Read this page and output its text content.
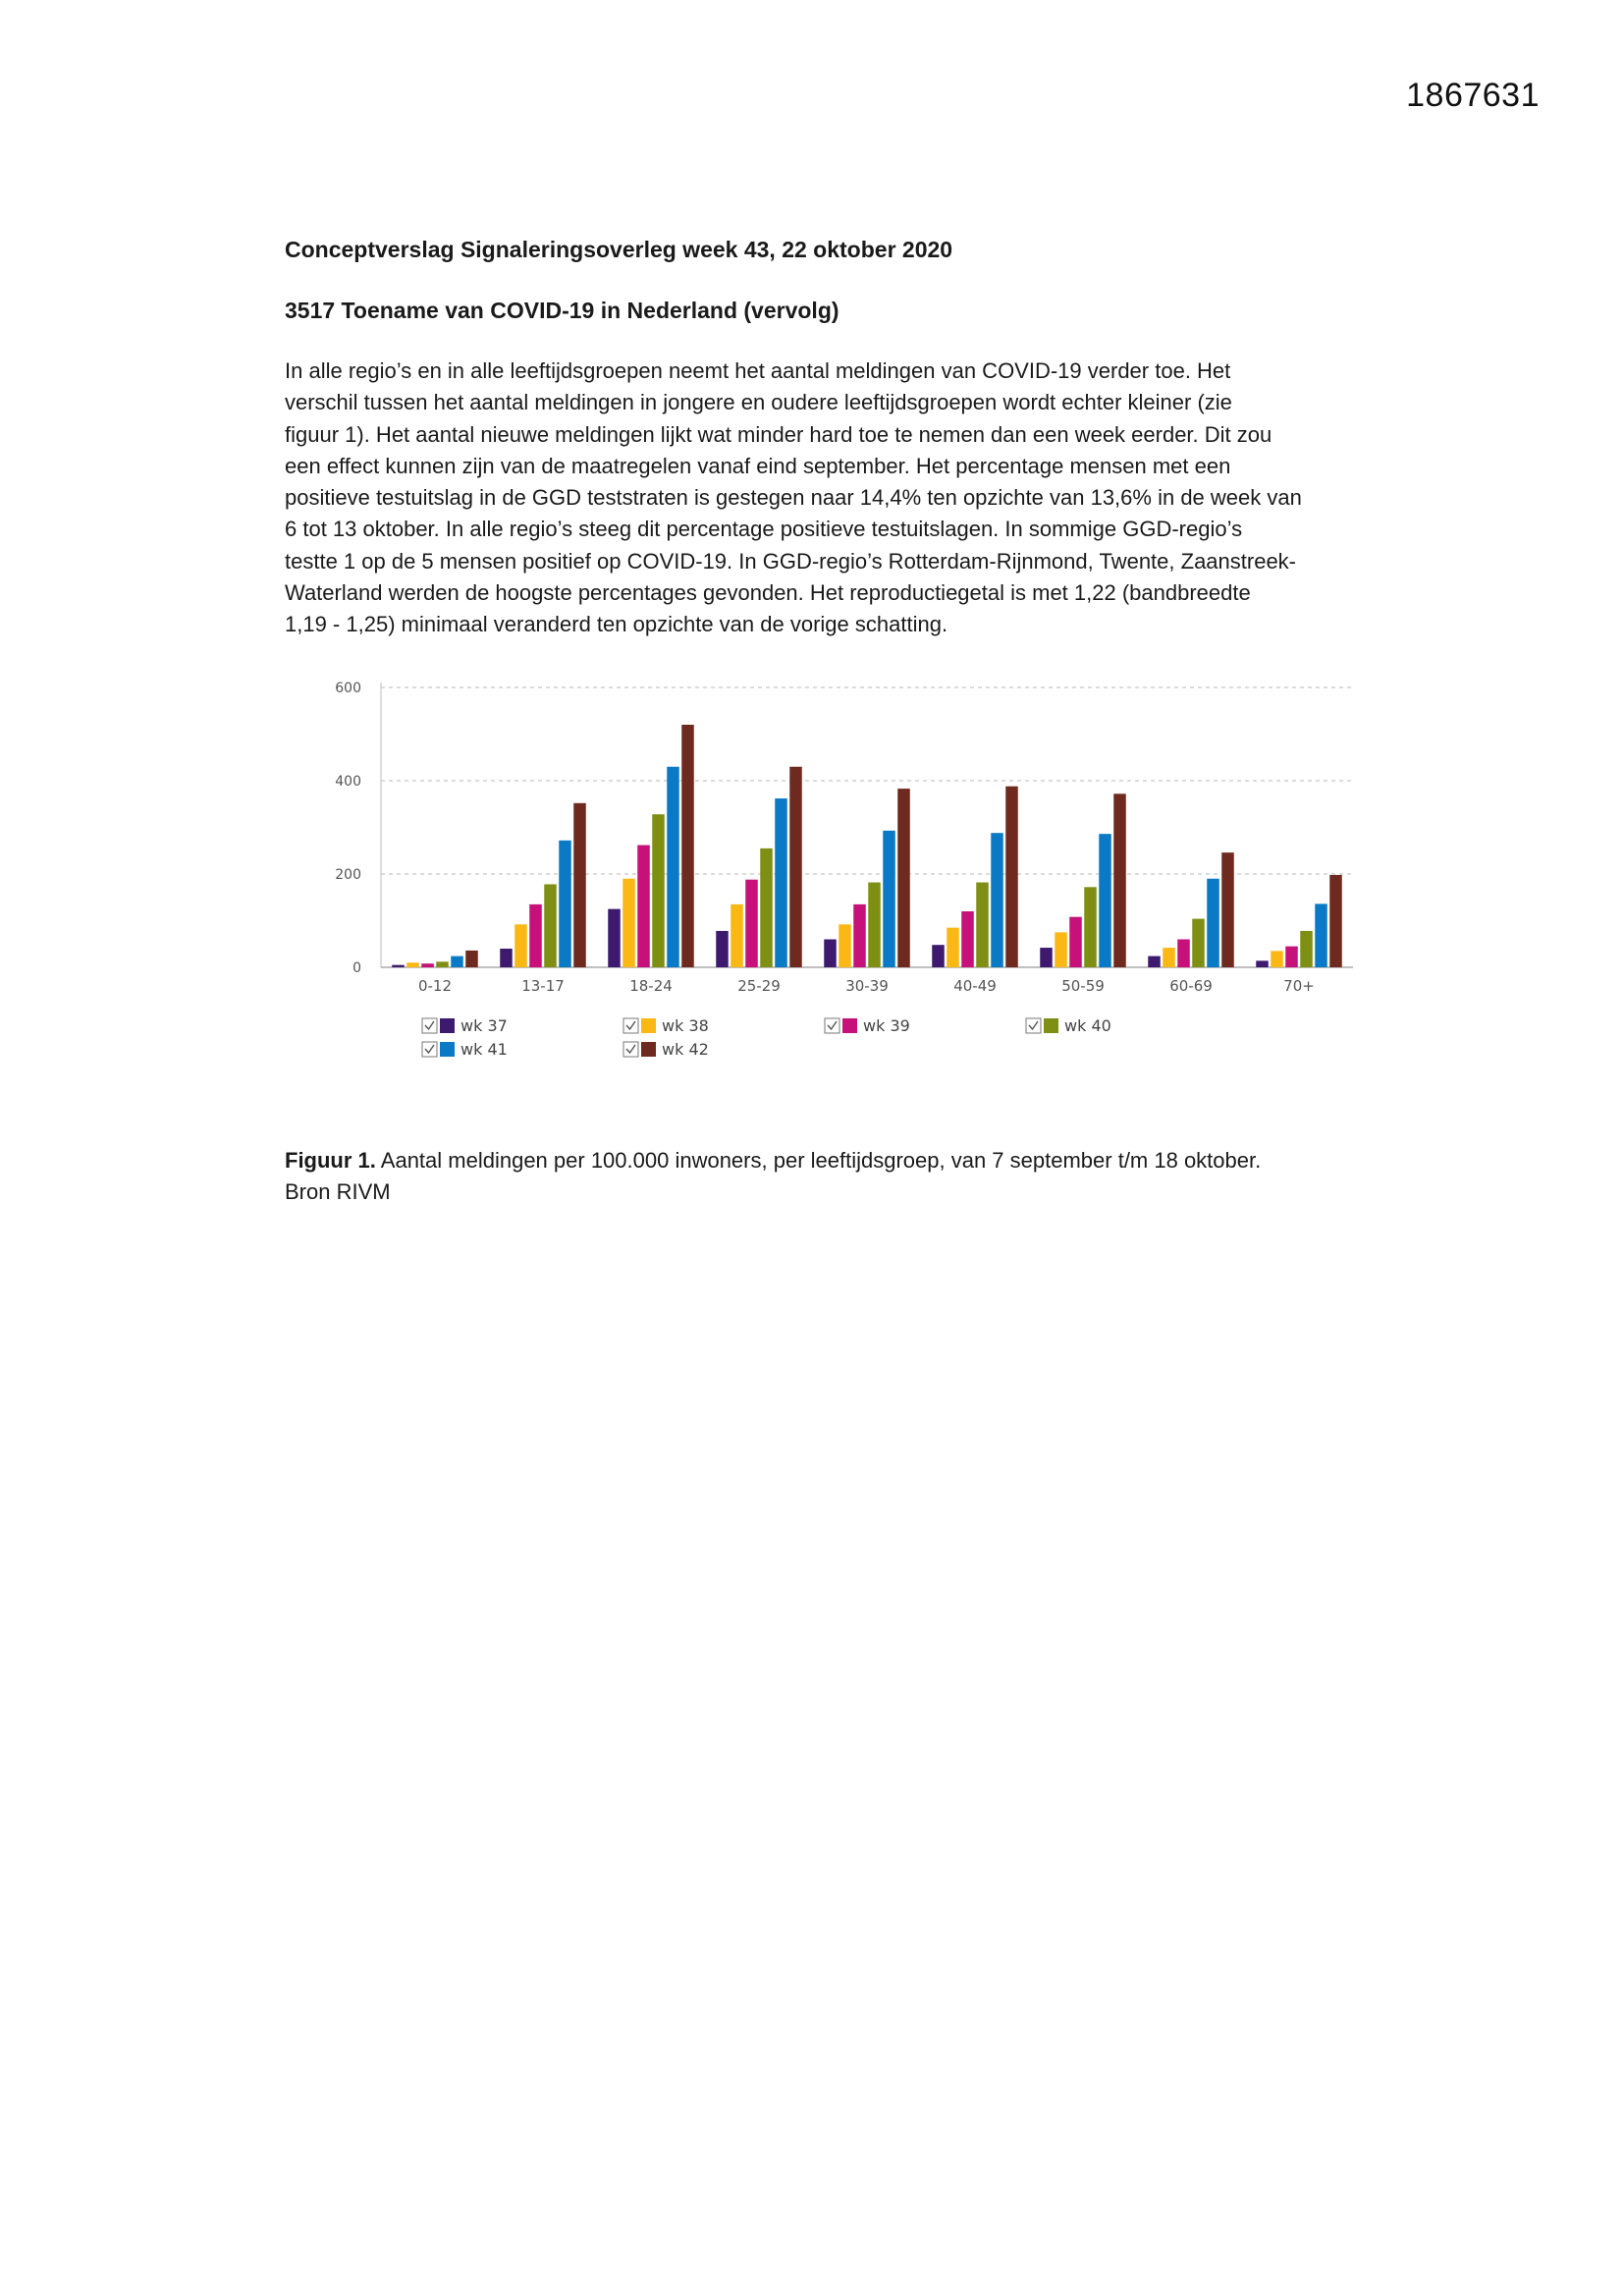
1867631

Conceptverslag Signaleringsoverleg week 43, 22 oktober 2020

3517 Toename van COVID-19 in Nederland (vervolg)

In alle regio’s en in alle leeftijdsgroepen neemt het aantal meldingen van COVID-19 verder toe. Het
verschil tussen het aantal meldingen in jongere en oudere leeftijdsgroepen wordt echter kleiner (zie
figuur 1). Het aantal nieuwe meldingen lijkt wat minder hard toe te nemen dan een week eerder. Dit zou
een effect kunnen zijn van de maatregelen vanaf eind september. Het percentage mensen met een
positieve testuitslag in de GGD teststraten is gestegen naar 14,4% ten opzichte van 13,6% in de week van
6 tot 13 oktober. In alle regio’s steeg dit percentage positieve testuitslagen. In sommige GGD-regio’s
testte 1 op de 5 mensen positief op COVID-19. In GGD-regio’s Rotterdam-Rijnmond, Twente, Zaanstreek-
Waterland werden de hoogste percentages gevonden. Het reproductiegetal is met 1,22 (bandbreedte
1,19 - 1,25) minimaal veranderd ten opzichte van de vorige schatting.

0
200
400
600
0-12	13-17	18-24	25-29	30-39	40-49	50-59	60-69	70+
wk 37	wk 38	wk 39	wk 40
wk 41	wk 42
Figuur 1. Aantal meldingen per 100.000 inwoners, per leeftijdsgroep, van 7 september t/m 18 oktober.
Bron RIVM
